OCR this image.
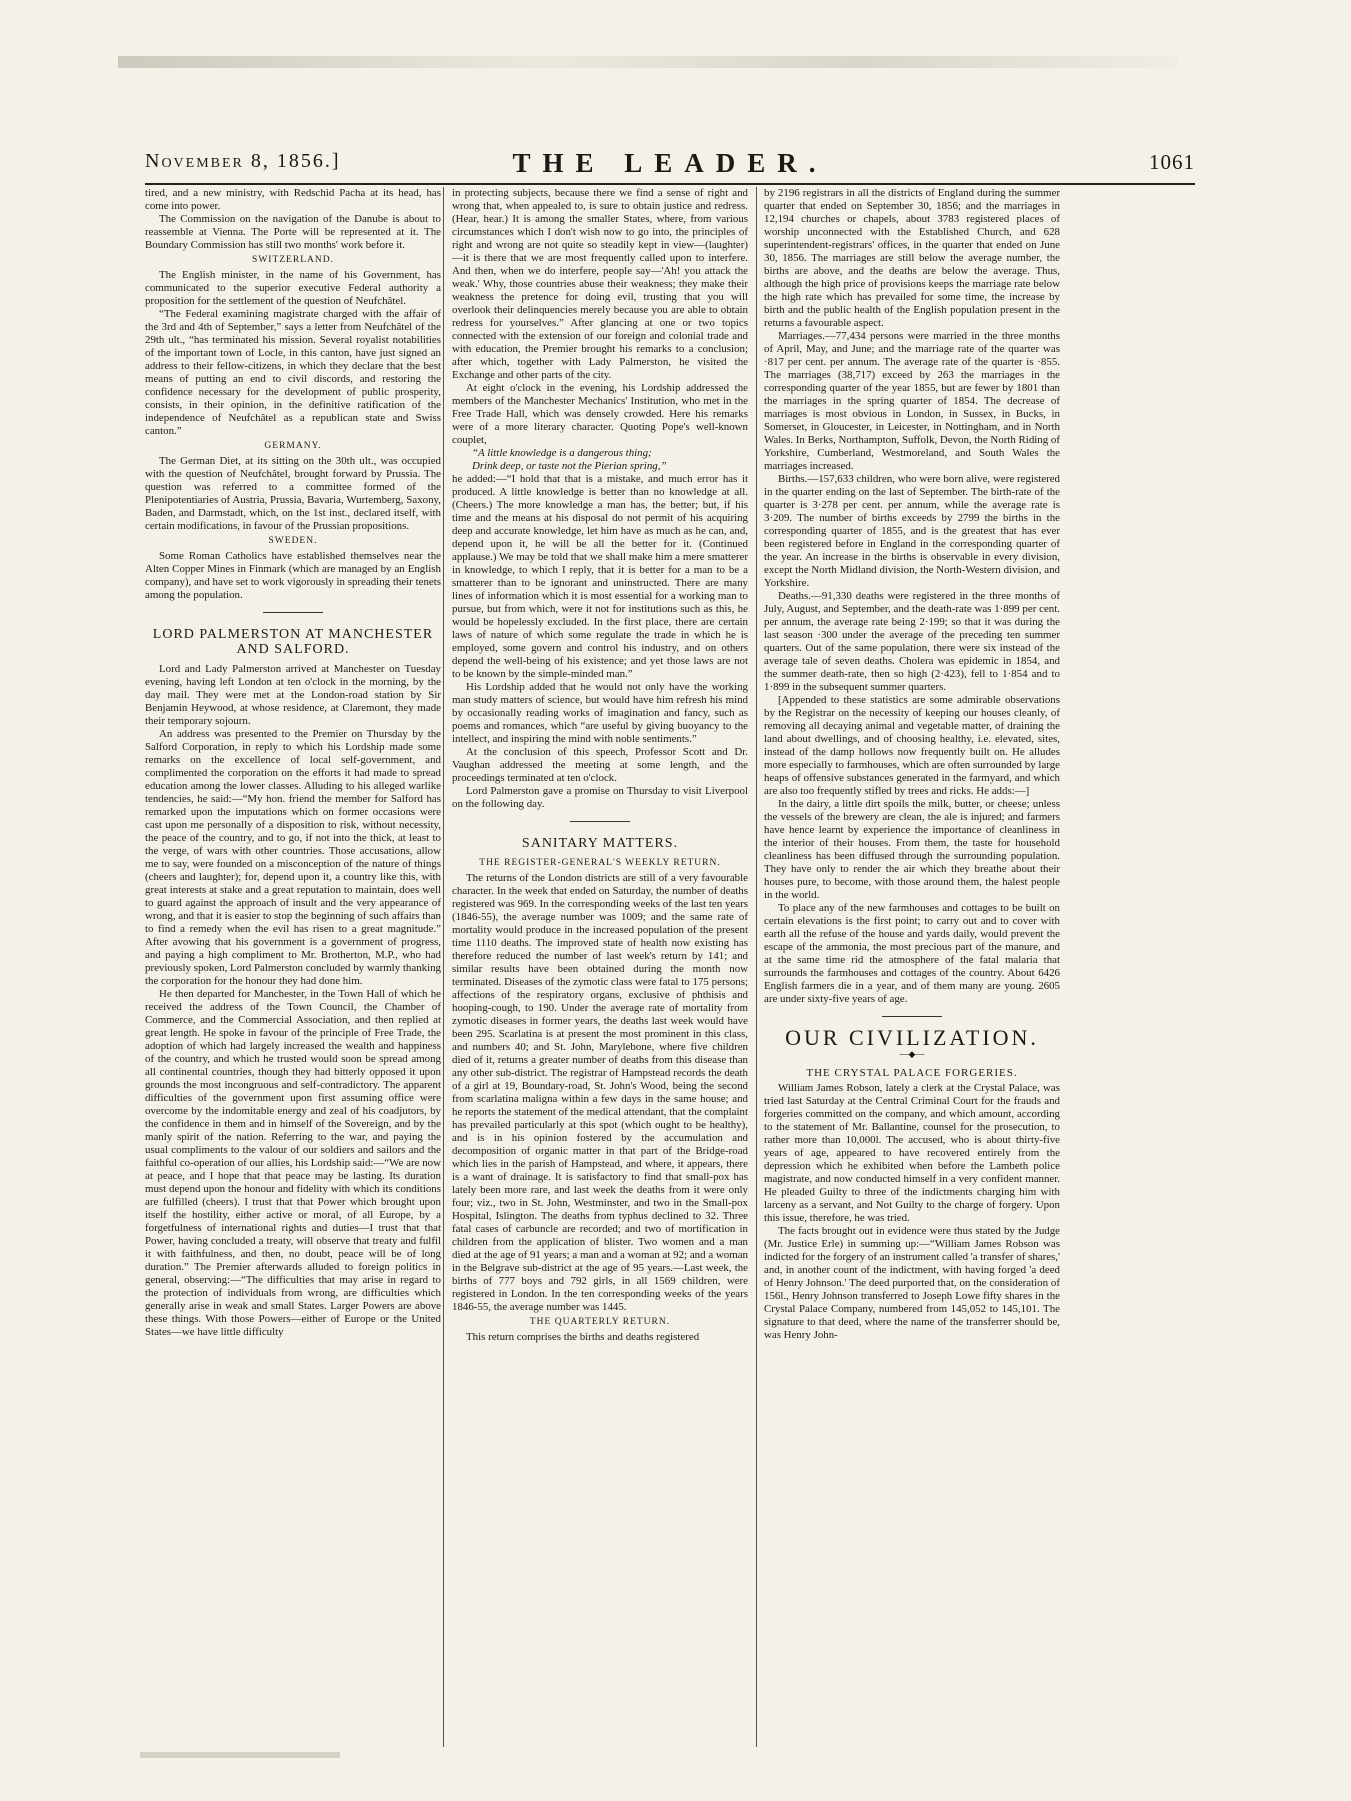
November 8, 1856.]	THE LEADER.	1061

tired, and a new ministry, with Redschid Pacha at its head, has come into power.

The Commission on the navigation of the Danube is about to reassemble at Vienna. The Porte will be represented at it. The Boundary Commission has still two months' work before it.

SWITZERLAND.

The English minister, in the name of his Government, has communicated to the superior executive Federal authority a proposition for the settlement of the question of Neufchâtel.

“The Federal examining magistrate charged with the affair of the 3rd and 4th of September,” says a letter from Neufchâtel of the 29th ult., “has terminated his mission. Several royalist notabilities of the important town of Locle, in this canton, have just signed an address to their fellow-citizens, in which they declare that the best means of putting an end to civil discords, and restoring the confidence necessary for the development of public prosperity, consists, in their opinion, in the definitive ratification of the independence of Neufchâtel as a republican state and Swiss canton.”

GERMANY.

The German Diet, at its sitting on the 30th ult., was occupied with the question of Neufchâtel, brought forward by Prussia. The question was referred to a committee formed of the Plenipotentiaries of Austria, Prussia, Bavaria, Wurtemberg, Saxony, Baden, and Darmstadt, which, on the 1st inst., declared itself, with certain modifications, in favour of the Prussian propositions.

SWEDEN.

Some Roman Catholics have established themselves near the Alten Copper Mines in Finmark (which are managed by an English company), and have set to work vigorously in spreading their tenets among the population.

LORD PALMERSTON AT MANCHESTER AND SALFORD.

Lord and Lady Palmerston arrived at Manchester on Tuesday evening, having left London at ten o'clock in the morning, by the day mail. They were met at the London-road station by Sir Benjamin Heywood, at whose residence, at Claremont, they made their temporary sojourn.

An address was presented to the Premier on Thursday by the Salford Corporation, in reply to which his Lordship made some remarks on the excellence of local self-government, and complimented the corporation on the efforts it had made to spread education among the lower classes. Alluding to his alleged warlike tendencies, he said:—“My hon. friend the member for Salford has remarked upon the imputations which on former occasions were cast upon me personally of a disposition to risk, without necessity, the peace of the country, and to go, if not into the thick, at least to the verge, of wars with other countries. Those accusations, allow me to say, were founded on a misconception of the nature of things (cheers and laughter); for, depend upon it, a country like this, with great interests at stake and a great reputation to maintain, does well to guard against the approach of insult and the very appearance of wrong, and that it is easier to stop the beginning of such affairs than to find a remedy when the evil has risen to a great magnitude.” After avowing that his government is a government of progress, and paying a high compliment to Mr. Brotherton, M.P., who had previously spoken, Lord Palmerston concluded by warmly thanking the corporation for the honour they had done him.

He then departed for Manchester, in the Town Hall of which he received the address of the Town Council, the Chamber of Commerce, and the Commercial Association, and then replied at great length. He spoke in favour of the principle of Free Trade, the adoption of which had largely increased the wealth and happiness of the country, and which he trusted would soon be spread among all continental countries, though they had bitterly opposed it upon grounds the most incongruous and self-contradictory. The apparent difficulties of the government upon first assuming office were overcome by the indomitable energy and zeal of his coadjutors, by the confidence in them and in himself of the Sovereign, and by the manly spirit of the nation. Referring to the war, and paying the usual compliments to the valour of our soldiers and sailors and the faithful co-operation of our allies, his Lordship said:—“We are now at peace, and I hope that that peace may be lasting. Its duration must depend upon the honour and fidelity with which its conditions are fulfilled (cheers). I trust that that Power which brought upon itself the hostility, either active or moral, of all Europe, by a forgetfulness of international rights and duties—I trust that that Power, having concluded a treaty, will observe that treaty and fulfil it with faithfulness, and then, no doubt, peace will be of long duration.” The Premier afterwards alluded to foreign politics in general, observing:—“The difficulties that may arise in regard to the protection of individuals from wrong, are difficulties which generally arise in weak and small States. Larger Powers are above these things. With those Powers—either of Europe or the United States—we have little difficulty

in protecting subjects, because there we find a sense of right and wrong that, when appealed to, is sure to obtain justice and redress. (Hear, hear.) It is among the smaller States, where, from various circumstances which I don't wish now to go into, the principles of right and wrong are not quite so steadily kept in view—(laughter)—it is there that we are most frequently called upon to interfere. And then, when we do interfere, people say—'Ah! you attack the weak.' Why, those countries abuse their weakness; they make their weakness the pretence for doing evil, trusting that you will overlook their delinquencies merely because you are able to obtain redress for yourselves.” After glancing at one or two topics connected with the extension of our foreign and colonial trade and with education, the Premier brought his remarks to a conclusion; after which, together with Lady Palmerston, he visited the Exchange and other parts of the city.

At eight o'clock in the evening, his Lordship addressed the members of the Manchester Mechanics' Institution, who met in the Free Trade Hall, which was densely crowded. Here his remarks were of a more literary character. Quoting Pope's well-known couplet,

“A little knowledge is a dangerous thing;

Drink deep, or taste not the Pierian spring,”

he added:—“I hold that that is a mistake, and much error has it produced. A little knowledge is better than no knowledge at all. (Cheers.) The more knowledge a man has, the better; but, if his time and the means at his disposal do not permit of his acquiring deep and accurate knowledge, let him have as much as he can, and, depend upon it, he will be all the better for it. (Continued applause.) We may be told that we shall make him a mere smatterer in knowledge, to which I reply, that it is better for a man to be a smatterer than to be ignorant and uninstructed. There are many lines of information which it is most essential for a working man to pursue, but from which, were it not for institutions such as this, he would be hopelessly excluded. In the first place, there are certain laws of nature of which some regulate the trade in which he is employed, some govern and control his industry, and on others depend the well-being of his existence; and yet those laws are not to be known by the simple-minded man.”

His Lordship added that he would not only have the working man study matters of science, but would have him refresh his mind by occasionally reading works of imagination and fancy, such as poems and romances, which “are useful by giving buoyancy to the intellect, and inspiring the mind with noble sentiments.”

At the conclusion of this speech, Professor Scott and Dr. Vaughan addressed the meeting at some length, and the proceedings terminated at ten o'clock.

Lord Palmerston gave a promise on Thursday to visit Liverpool on the following day.

SANITARY MATTERS.
THE REGISTER-GENERAL'S WEEKLY RETURN.

The returns of the London districts are still of a very favourable character. In the week that ended on Saturday, the number of deaths registered was 969. In the corresponding weeks of the last ten years (1846-55), the average number was 1009; and the same rate of mortality would produce in the increased population of the present time 1110 deaths. The improved state of health now existing has therefore reduced the number of last week's return by 141; and similar results have been obtained during the month now terminated. Diseases of the zymotic class were fatal to 175 persons; affections of the respiratory organs, exclusive of phthisis and hooping-cough, to 190. Under the average rate of mortality from zymotic diseases in former years, the deaths last week would have been 295. Scarlatina is at present the most prominent in this class, and numbers 40; and St. John, Marylebone, where five children died of it, returns a greater number of deaths from this disease than any other sub-district. The registrar of Hampstead records the death of a girl at 19, Boundary-road, St. John's Wood, being the second from scarlatina maligna within a few days in the same house; and he reports the statement of the medical attendant, that the complaint has prevailed particularly at this spot (which ought to be healthy), and is in his opinion fostered by the accumulation and decomposition of organic matter in that part of the Bridge-road which lies in the parish of Hampstead, and where, it appears, there is a want of drainage. It is satisfactory to find that small-pox has lately been more rare, and last week the deaths from it were only four; viz., two in St. John, Westminster, and two in the Small-pox Hospital, Islington. The deaths from typhus declined to 32. Three fatal cases of carbuncle are recorded; and two of mortification in children from the application of blister. Two women and a man died at the age of 91 years; a man and a woman at 92; and a woman in the Belgrave sub-district at the age of 95 years.—Last week, the births of 777 boys and 792 girls, in all 1569 children, were registered in London. In the ten corresponding weeks of the years 1846-55, the average number was 1445.

THE QUARTERLY RETURN.

This return comprises the births and deaths registered

by 2196 registrars in all the districts of England during the summer quarter that ended on September 30, 1856; and the marriages in 12,194 churches or chapels, about 3783 registered places of worship unconnected with the Established Church, and 628 superintendent-registrars' offices, in the quarter that ended on June 30, 1856. The marriages are still below the average number, the births are above, and the deaths are below the average. Thus, although the high price of provisions keeps the marriage rate below the high rate which has prevailed for some time, the increase by birth and the public health of the English population present in the returns a favourable aspect.

Marriages.—77,434 persons were married in the three months of April, May, and June; and the marriage rate of the quarter was ·817 per cent. per annum. The average rate of the quarter is ·855. The marriages (38,717) exceed by 263 the marriages in the corresponding quarter of the year 1855, but are fewer by 1801 than the marriages in the spring quarter of 1854. The decrease of marriages is most obvious in London, in Sussex, in Bucks, in Somerset, in Gloucester, in Leicester, in Nottingham, and in North Wales. In Berks, Northampton, Suffolk, Devon, the North Riding of Yorkshire, Cumberland, Westmoreland, and South Wales the marriages increased.

Births.—157,633 children, who were born alive, were registered in the quarter ending on the last of September. The birth-rate of the quarter is 3·278 per cent. per annum, while the average rate is 3·209. The number of births exceeds by 2799 the births in the corresponding quarter of 1855, and is the greatest that has ever been registered before in England in the corresponding quarter of the year. An increase in the births is observable in every division, except the North Midland division, the North-Western division, and Yorkshire.

Deaths.—91,330 deaths were registered in the three months of July, August, and September, and the death-rate was 1·899 per cent. per annum, the average rate being 2·199; so that it was during the last season ·300 under the average of the preceding ten summer quarters. Out of the same population, there were six instead of the average tale of seven deaths. Cholera was epidemic in 1854, and the summer death-rate, then so high (2·423), fell to 1·854 and to 1·899 in the subsequent summer quarters.

[Appended to these statistics are some admirable observations by the Registrar on the necessity of keeping our houses cleanly, of removing all decaying animal and vegetable matter, of draining the land about dwellings, and of choosing healthy, i.e. elevated, sites, instead of the damp hollows now frequently built on. He alludes more especially to farmhouses, which are often surrounded by large heaps of offensive substances generated in the farmyard, and which are also too frequently stifled by trees and ricks. He adds:—]

In the dairy, a little dirt spoils the milk, butter, or cheese; unless the vessels of the brewery are clean, the ale is injured; and farmers have hence learnt by experience the importance of cleanliness in the interior of their houses. From them, the taste for household cleanliness has been diffused through the surrounding population. They have only to render the air which they breathe about their houses pure, to become, with those around them, the halest people in the world.

To place any of the new farmhouses and cottages to be built on certain elevations is the first point; to carry out and to cover with earth all the refuse of the house and yards daily, would prevent the escape of the ammonia, the most precious part of the manure, and at the same time rid the atmosphere of the fatal malaria that surrounds the farmhouses and cottages of the country. About 6426 English farmers die in a year, and of them many are young. 2605 are under sixty-five years of age.

OUR CIVILIZATION.
—◆—
THE CRYSTAL PALACE FORGERIES.

William James Robson, lately a clerk at the Crystal Palace, was tried last Saturday at the Central Criminal Court for the frauds and forgeries committed on the company, and which amount, according to the statement of Mr. Ballantine, counsel for the prosecution, to rather more than 10,000l. The accused, who is about thirty-five years of age, appeared to have recovered entirely from the depression which he exhibited when before the Lambeth police magistrate, and now conducted himself in a very confident manner. He pleaded Guilty to three of the indictments charging him with larceny as a servant, and Not Guilty to the charge of forgery. Upon this issue, therefore, he was tried.

The facts brought out in evidence were thus stated by the Judge (Mr. Justice Erle) in summing up:—“William James Robson was indicted for the forgery of an instrument called 'a transfer of shares,' and, in another count of the indictment, with having forged 'a deed of Henry Johnson.' The deed purported that, on the consideration of 156l., Henry Johnson transferred to Joseph Lowe fifty shares in the Crystal Palace Company, numbered from 145,052 to 145,101. The signature to that deed, where the name of the transferrer should be, was Henry John-
